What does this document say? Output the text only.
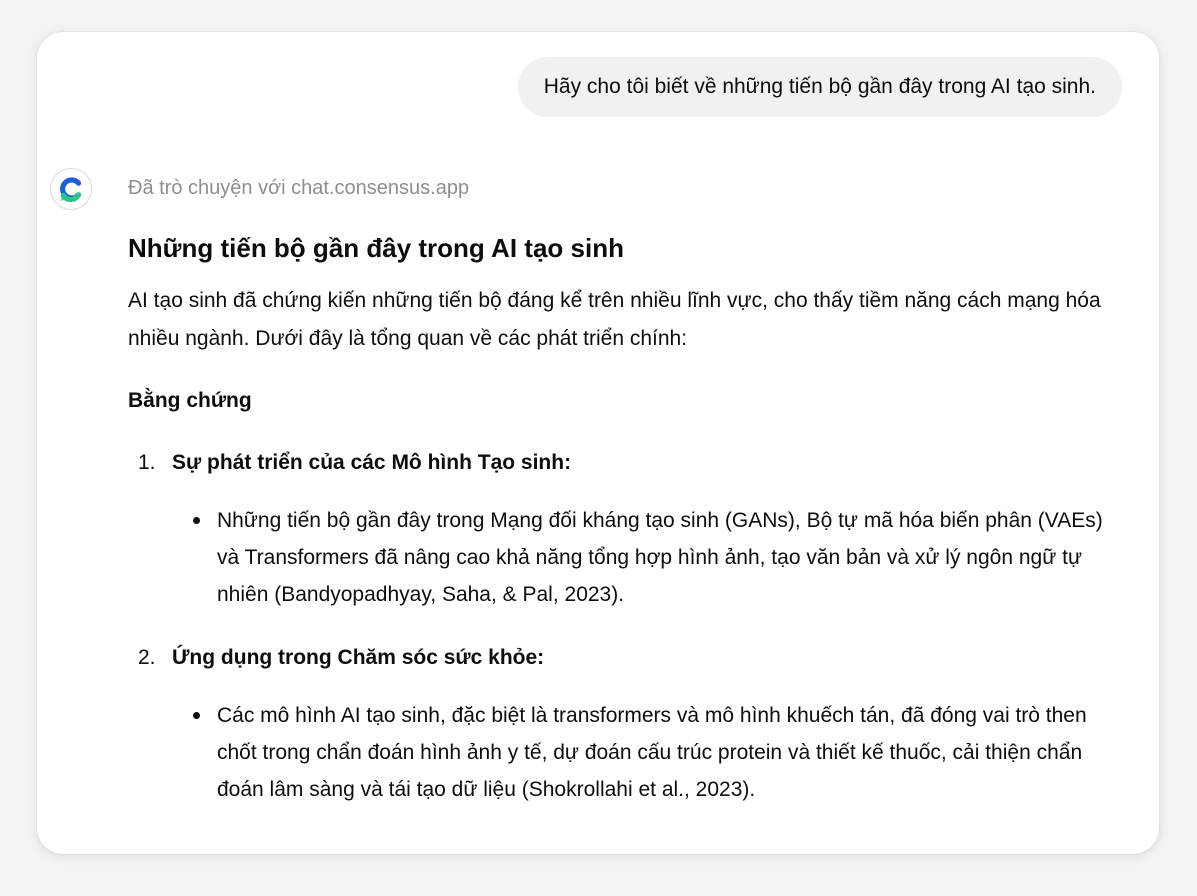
Hãy cho tôi biết về những tiến bộ gần đây trong AI tạo sinh.
Đã trò chuyện với chat.consensus.app
Những tiến bộ gần đây trong AI tạo sinh

AI tạo sinh đã chứng kiến những tiến bộ đáng kể trên nhiều lĩnh vực, cho thấy tiềm năng cách mạng hóa nhiều ngành. Dưới đây là tổng quan về các phát triển chính:

Bằng chứng
1. Sự phát triển của các Mô hình Tạo sinh:
Những tiến bộ gần đây trong Mạng đối kháng tạo sinh (GANs), Bộ tự mã hóa biến phân (VAEs) và Transformers đã nâng cao khả năng tổng hợp hình ảnh, tạo văn bản và xử lý ngôn ngữ tự nhiên (Bandyopadhyay, Saha, & Pal, 2023).
2. Ứng dụng trong Chăm sóc sức khỏe:
Các mô hình AI tạo sinh, đặc biệt là transformers và mô hình khuếch tán, đã đóng vai trò then chốt trong chẩn đoán hình ảnh y tế, dự đoán cấu trúc protein và thiết kế thuốc, cải thiện chẩn đoán lâm sàng và tái tạo dữ liệu (Shokrollahi et al., 2023).
